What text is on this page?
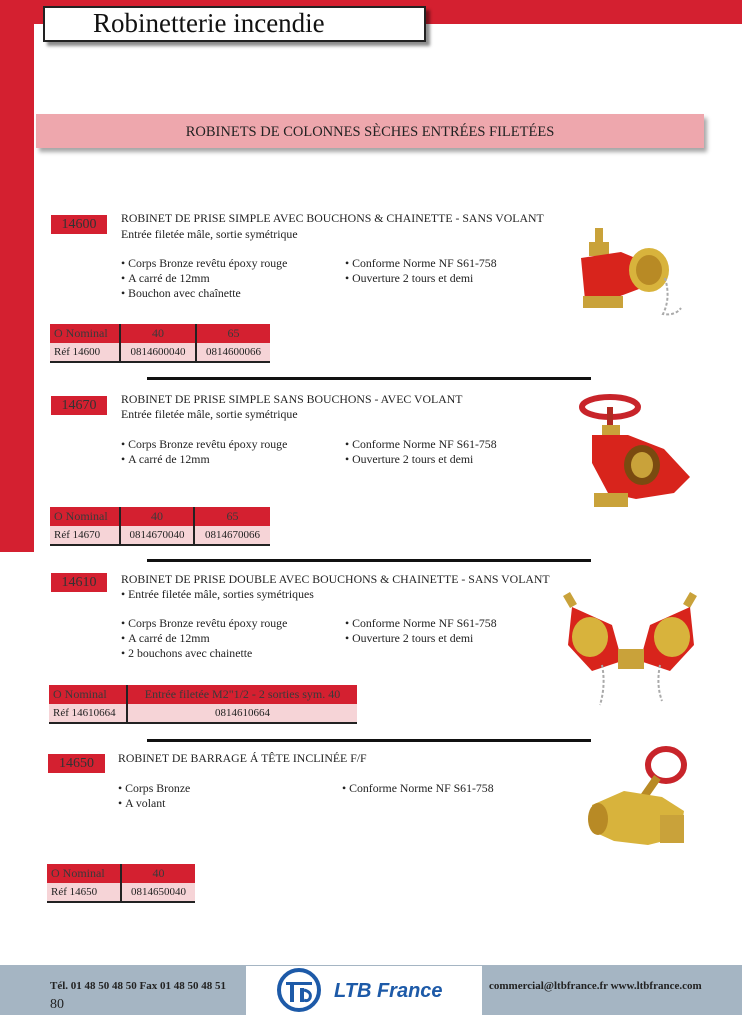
Robinetterie incendie
ROBINETS DE COLONNES SÈCHES ENTRÉES FILETÉES
14600	ROBINET DE PRISE SIMPLE AVEC BOUCHONS & CHAINETTE - SANS VOLANT
Entrée filetée mâle, sortie symétrique
• Corps Bronze revêtu époxy rouge
• A carré de 12mm
• Bouchon avec chaînette
• Conforme Norme NF S61-758
• Ouverture 2 tours et demi
O Nominal	40	65
Réf 14600	0814600040	0814600066
14670	ROBINET DE PRISE SIMPLE SANS BOUCHONS - AVEC VOLANT
Entrée filetée mâle, sortie symétrique
• Corps Bronze revêtu époxy rouge
• A carré de 12mm
• Conforme Norme NF S61-758
• Ouverture 2 tours et demi
O Nominal	40	65
Réf 14670	0814670040	0814670066
14610	ROBINET DE PRISE DOUBLE AVEC BOUCHONS & CHAINETTE - SANS VOLANT
• Entrée filetée mâle, sorties symétriques
• Corps Bronze revêtu époxy rouge
• A carré de 12mm
• 2 bouchons avec chainette
• Conforme Norme NF S61-758
• Ouverture 2 tours et demi
O Nominal	Entrée filetée M2"1/2 - 2 sorties sym. 40
Réf 14610664	0814610664
14650	ROBINET DE BARRAGE Á TÊTE INCLINÉE F/F
• Corps Bronze
• A volant
• Conforme Norme NF S61-758
O Nominal	40
Réf 14650	0814650040
Tél. 01 48 50 48 50 Fax 01 48 50 48 51	LTB France	commercial@ltbfrance.fr www.ltbfrance.com
80
